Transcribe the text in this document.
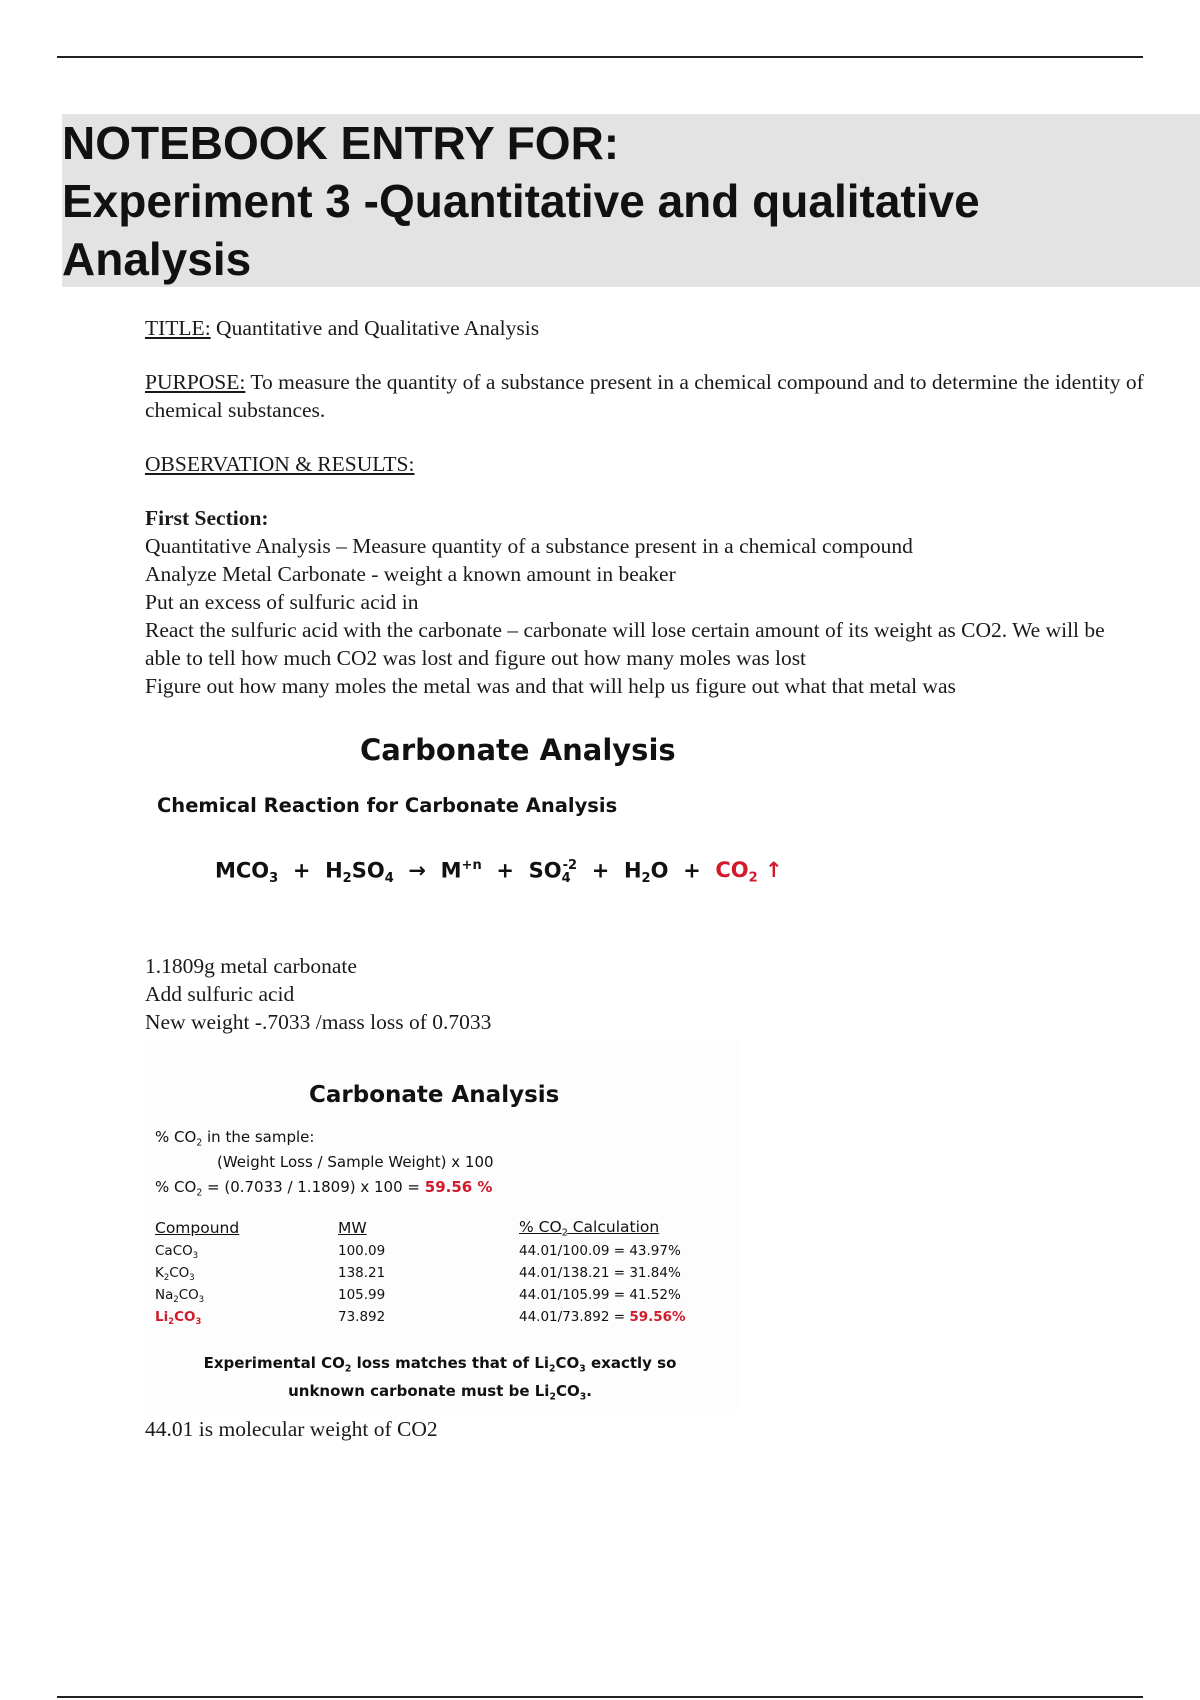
NOTEBOOK ENTRY FOR:
Experiment 3 -Quantitative and qualitative
Analysis

TITLE: Quantitative and Qualitative Analysis

PURPOSE: To measure the quantity of a substance present in a chemical compound and to determine the identity of chemical substances.

OBSERVATION & RESULTS:

First Section:

Quantitative Analysis – Measure quantity of a substance present in a chemical compound

Analyze Metal Carbonate - weight a known amount in beaker

Put an excess of sulfuric acid in

React the sulfuric acid with the carbonate – carbonate will lose certain amount of its weight as CO2. We will be able to tell how much CO2 was lost and figure out how many moles was lost

Figure out how many moles the metal was and that will help us figure out what that metal was

Carbonate Analysis
Chemical Reaction for Carbonate Analysis
$MCO_3 + H_2SO_4 \to M^{+n} + SO_4^{-2} + H_2O + CO_2$ ↑

1.1809g metal carbonate

Add sulfuric acid

New weight -.7033 /mass loss of 0.7033

Carbonate Analysis
% $CO_2$ in the sample:
(Weight Loss / Sample Weight) x 100
% $CO_2 = (0.7033 / 1.1809)$ x 100 = 59.56 %
Compound	MW	% $CO_2$ Calculation
CaCO$_3$	100.09	44.01/100.09 = 43.97%
$K_2CO_3$	138.21	44.01/138.21 = 31.84%
$Na_2CO_3$	105.99	44.01/105.99 = 41.52%
$Li_2CO_3$	73.892	44.01/73.892 = 59.56%
Experimental $CO_2$ loss matches that of $Li_2CO_3$ exactly so
unknown carbonate must be $Li_2CO_3$.
44.01 is molecular weight of CO2
